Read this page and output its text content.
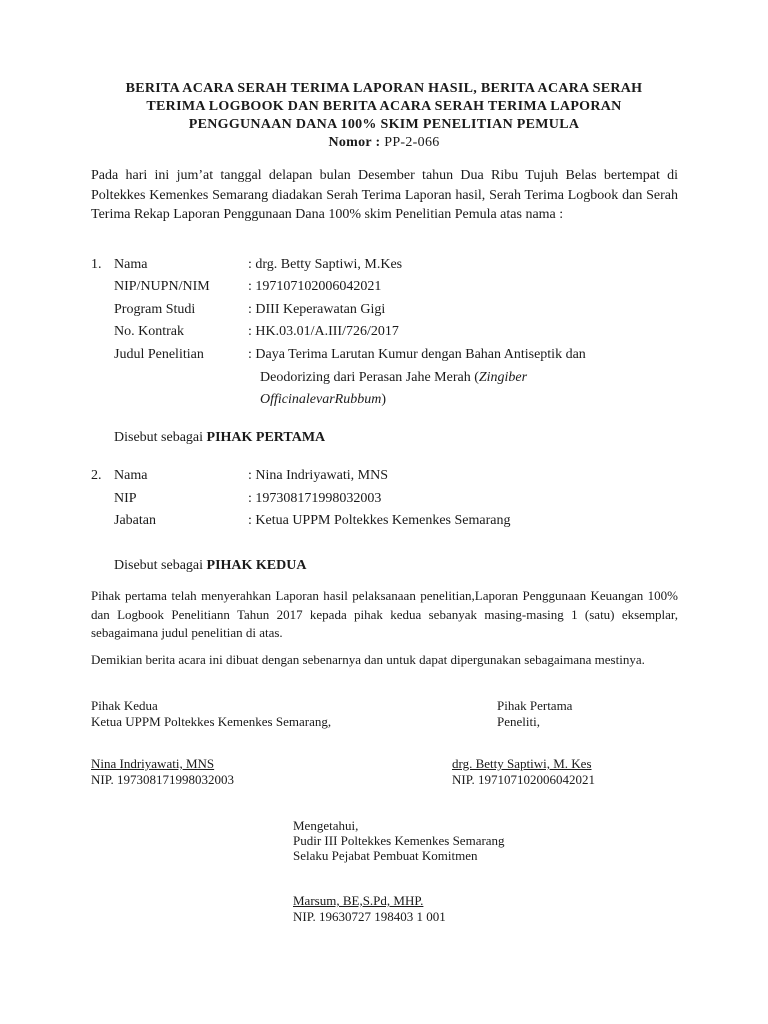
BERITA ACARA SERAH TERIMA LAPORAN HASIL, BERITA ACARA SERAH
TERIMA LOGBOOK DAN BERITA ACARA SERAH TERIMA LAPORAN
PENGGUNAAN DANA 100% SKIM PENELITIAN PEMULA
Nomor : PP-2-066
Pada hari ini jum’at tanggal delapan bulan Desember tahun Dua Ribu Tujuh Belas bertempat di Poltekkes Kemenkes Semarang diadakan Serah Terima Laporan hasil, Serah Terima Logbook dan Serah Terima Rekap Laporan Penggunaan Dana 100% skim Penelitian Pemula atas nama :
1. Nama	: drg. Betty Saptiwi, M.Kes
NIP/NUPN/NIM	: 197107102006042021
Program Studi	: DIII Keperawatan Gigi
No. Kontrak	: HK.03.01/A.III/726/2017
Judul Penelitian	: Daya Terima Larutan Kumur dengan Bahan Antiseptik dan
Deodorizing dari Perasan Jahe Merah (Zingiber
OfficinalevarRubbum)
Disebut sebagai PIHAK PERTAMA
2. Nama	: Nina Indriyawati, MNS
NIP	: 197308171998032003
Jabatan	: Ketua UPPM Poltekkes Kemenkes Semarang
Disebut sebagai PIHAK KEDUA
Pihak pertama telah menyerahkan Laporan hasil pelaksanaan penelitian,Laporan Penggunaan Keuangan 100% dan Logbook Penelitiann Tahun 2017 kepada pihak kedua sebanyak masing-masing 1 (satu) eksemplar, sebagaimana judul penelitian di atas.
Demikian berita acara ini dibuat dengan sebenarnya dan untuk dapat dipergunakan sebagaimana mestinya.
Pihak Kedua
Ketua UPPM Poltekkes Kemenkes Semarang,
Pihak Pertama
Peneliti,
Nina Indriyawati, MNS
NIP. 197308171998032003
drg. Betty Saptiwi, M. Kes
NIP. 197107102006042021
Mengetahui,
Pudir III Poltekkes Kemenkes Semarang
Selaku Pejabat Pembuat Komitmen
Marsum, BE,S.Pd, MHP.
NIP. 19630727 198403 1 001
